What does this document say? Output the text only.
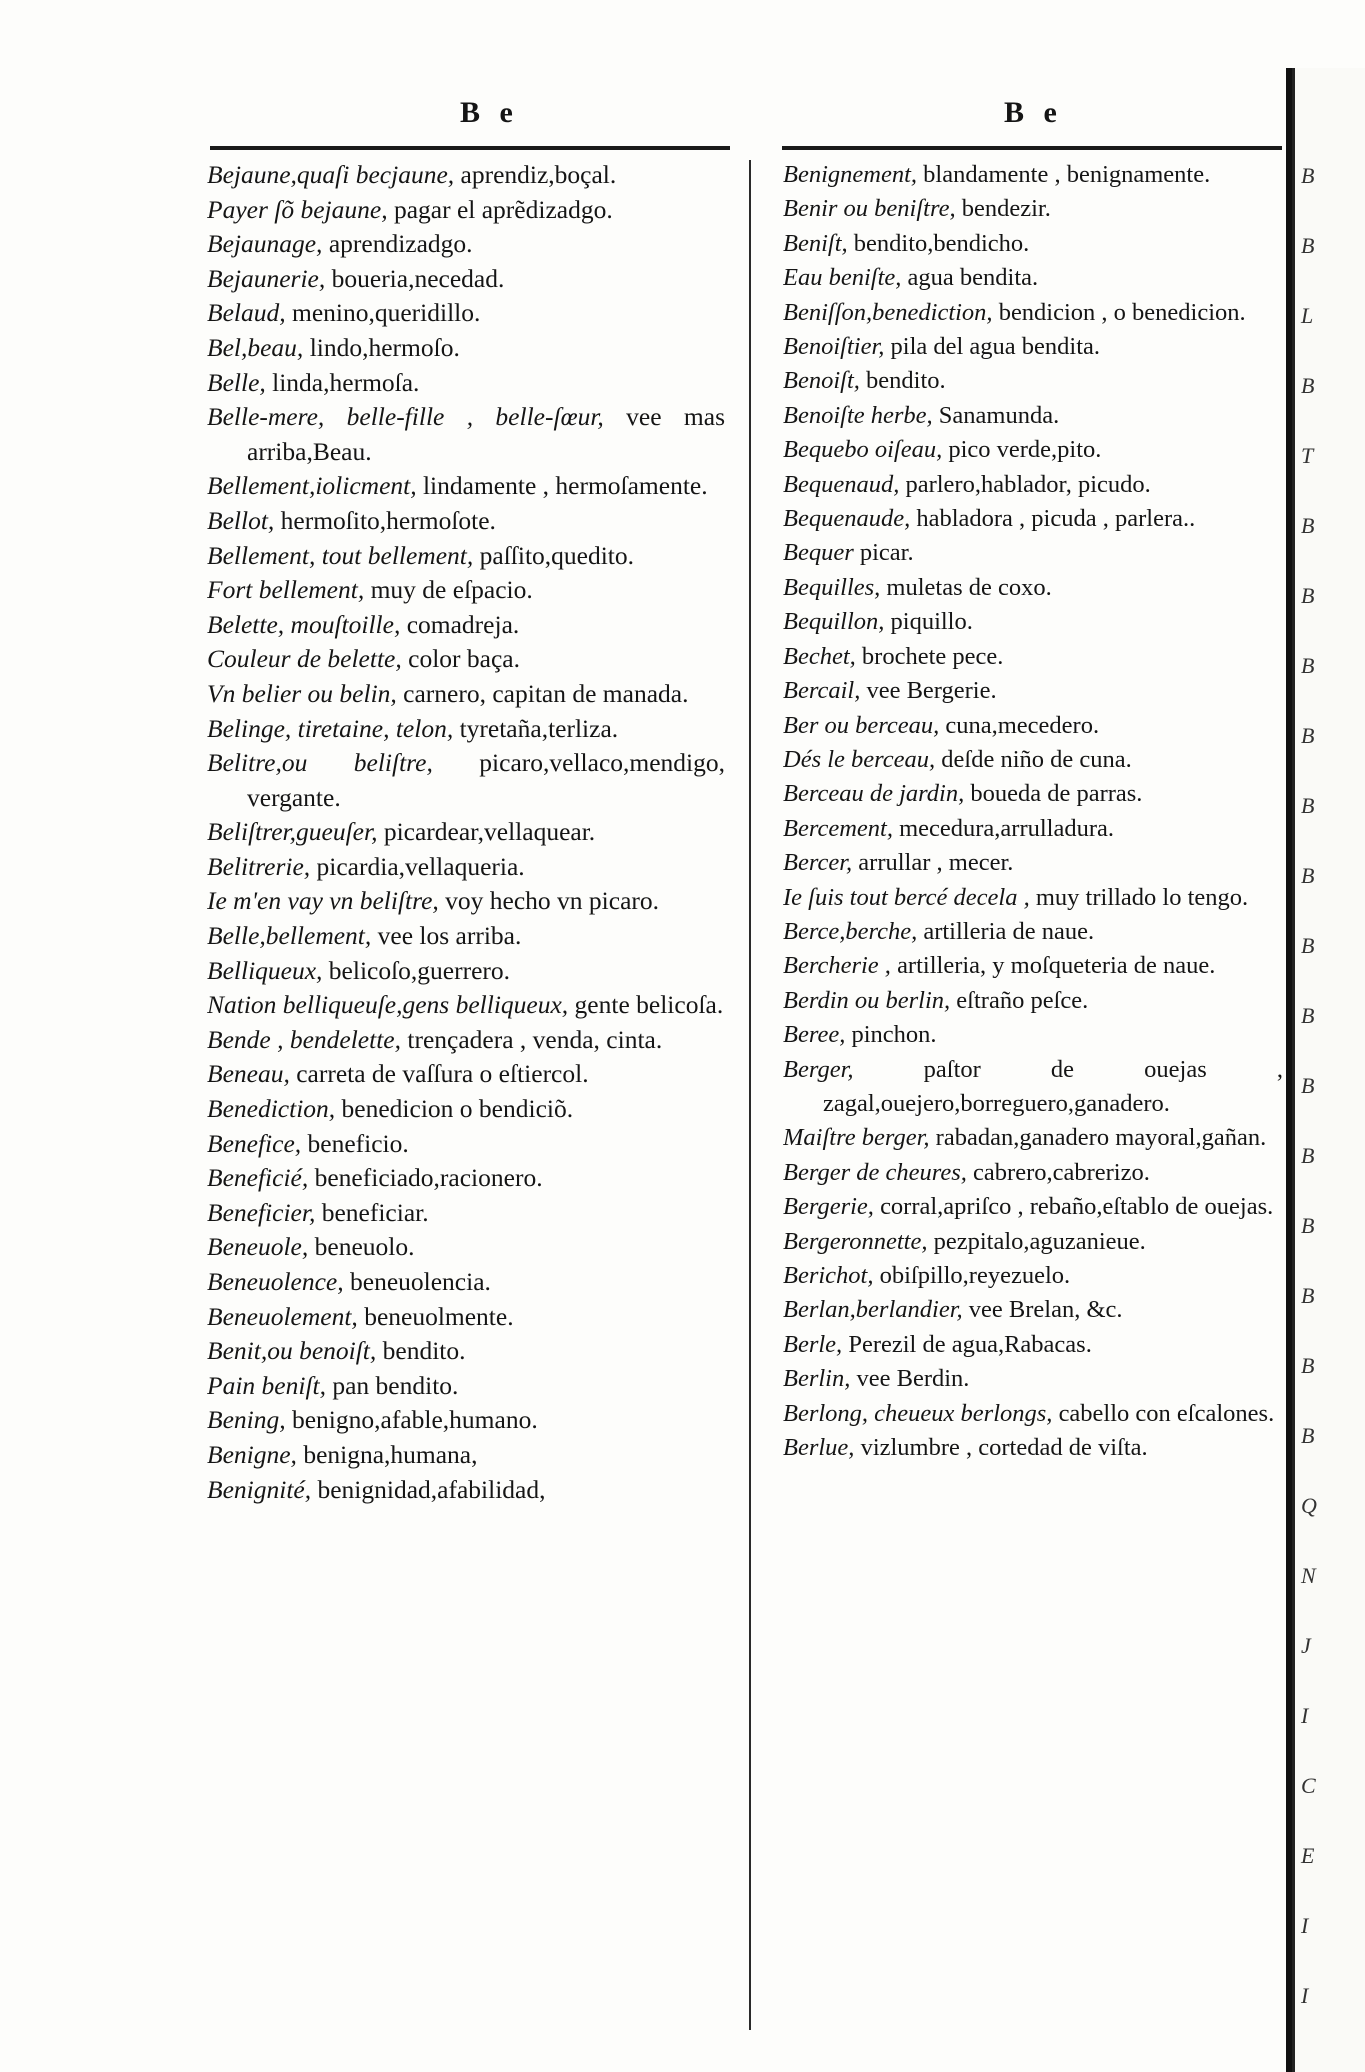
B e	B e

Bejaune,quaſi becjaune, aprendiz,boçal.

Payer ſõ bejaune, pagar el aprẽdizadgo.

Bejaunage, aprendizadgo.

Bejaunerie, boueria,necedad.

Belaud, menino,queridillo.

Bel,beau, lindo,hermoſo.

Belle, linda,hermoſa.

Belle-mere, belle-fille , belle-ſœur, vee mas arriba,Beau.

Bellement,iolicment, lindamente , hermoſamente.

Bellot, hermoſito,hermoſote.

Bellement, tout bellement, paſſito,quedito.

Fort bellement, muy de eſpacio.

Belette, mouſtoille, comadreja.

Couleur de belette, color baça.

Vn belier ou belin, carnero, capitan de manada.

Belinge, tiretaine, telon, tyretaña,terliza.

Belitre,ou beliſtre, picaro,vellaco,mendigo, vergante.

Beliſtrer,gueuſer, picardear,vellaquear.

Belitrerie, picardia,vellaqueria.

Ie m'en vay vn beliſtre, voy hecho vn picaro.

Belle,bellement, vee los arriba.

Belliqueux, belicoſo,guerrero.

Nation belliqueuſe,gens belliqueux, gente belicoſa.

Bende , bendelette, trençadera , venda, cinta.

Beneau, carreta de vaſſura o eſtiercol.

Benediction, benedicion o bendiciõ.

Benefice, beneficio.

Beneficié, beneficiado,racionero.

Beneficier, beneficiar.

Beneuole, beneuolo.

Beneuolence, beneuolencia.

Beneuolement, beneuolmente.

Benit,ou benoiſt, bendito.

Pain beniſt, pan bendito.

Bening, benigno,afable,humano.

Benigne, benigna,humana,

Benignité, benignidad,afabilidad,

Benignement, blandamente , benignamente.

Benir ou beniſtre, bendezir.

Beniſt, bendito,bendicho.

Eau beniſte, agua bendita.

Beniſſon,benediction, bendicion , o benedicion.

Benoiſtier, pila del agua bendita.

Benoiſt, bendito.

Benoiſte herbe, Sanamunda.

Bequebo oiſeau, pico verde,pito.

Bequenaud, parlero,hablador, picudo.

Bequenaude, habladora , picuda , parlera..

Bequer picar.

Bequilles, muletas de coxo.

Bequillon, piquillo.

Bechet, brochete pece.

Bercail, vee Bergerie.

Ber ou berceau, cuna,mecedero.

Dés le berceau, deſde niño de cuna.

Berceau de jardin, boueda de parras.

Bercement, mecedura,arrulladura.

Bercer, arrullar , mecer.

Ie ſuis tout bercé decela , muy trillado lo tengo.

Berce,berche, artilleria de naue.

Bercherie , artilleria, y moſqueteria de naue.

Berdin ou berlin, eſtraño peſce.

Beree, pinchon.

Berger,	paſtor de ouejas , zagal,ouejero,borreguero,ganadero.

Maiſtre berger, rabadan,ganadero mayoral,gañan.

Berger de cheures, cabrero,cabrerizo.

Bergerie, corral,apriſco , rebaño,eſtablo de ouejas.

Bergeronnette, pezpitalo,aguzanieue.

Berichot, obiſpillo,reyezuelo.

Berlan,berlandier, vee Brelan, &c.

Berle, Perezil de agua,Rabacas.

Berlin, vee Berdin.

Berlong, cheueux berlongs, cabello con eſcalones.

Berlue, vizlumbre , cortedad de viſta.

B
B
L
B
T
B
B
B
B
B
B
B
B
B
B
B
B
B
B
Q
N
J
I
C
E
I
I
